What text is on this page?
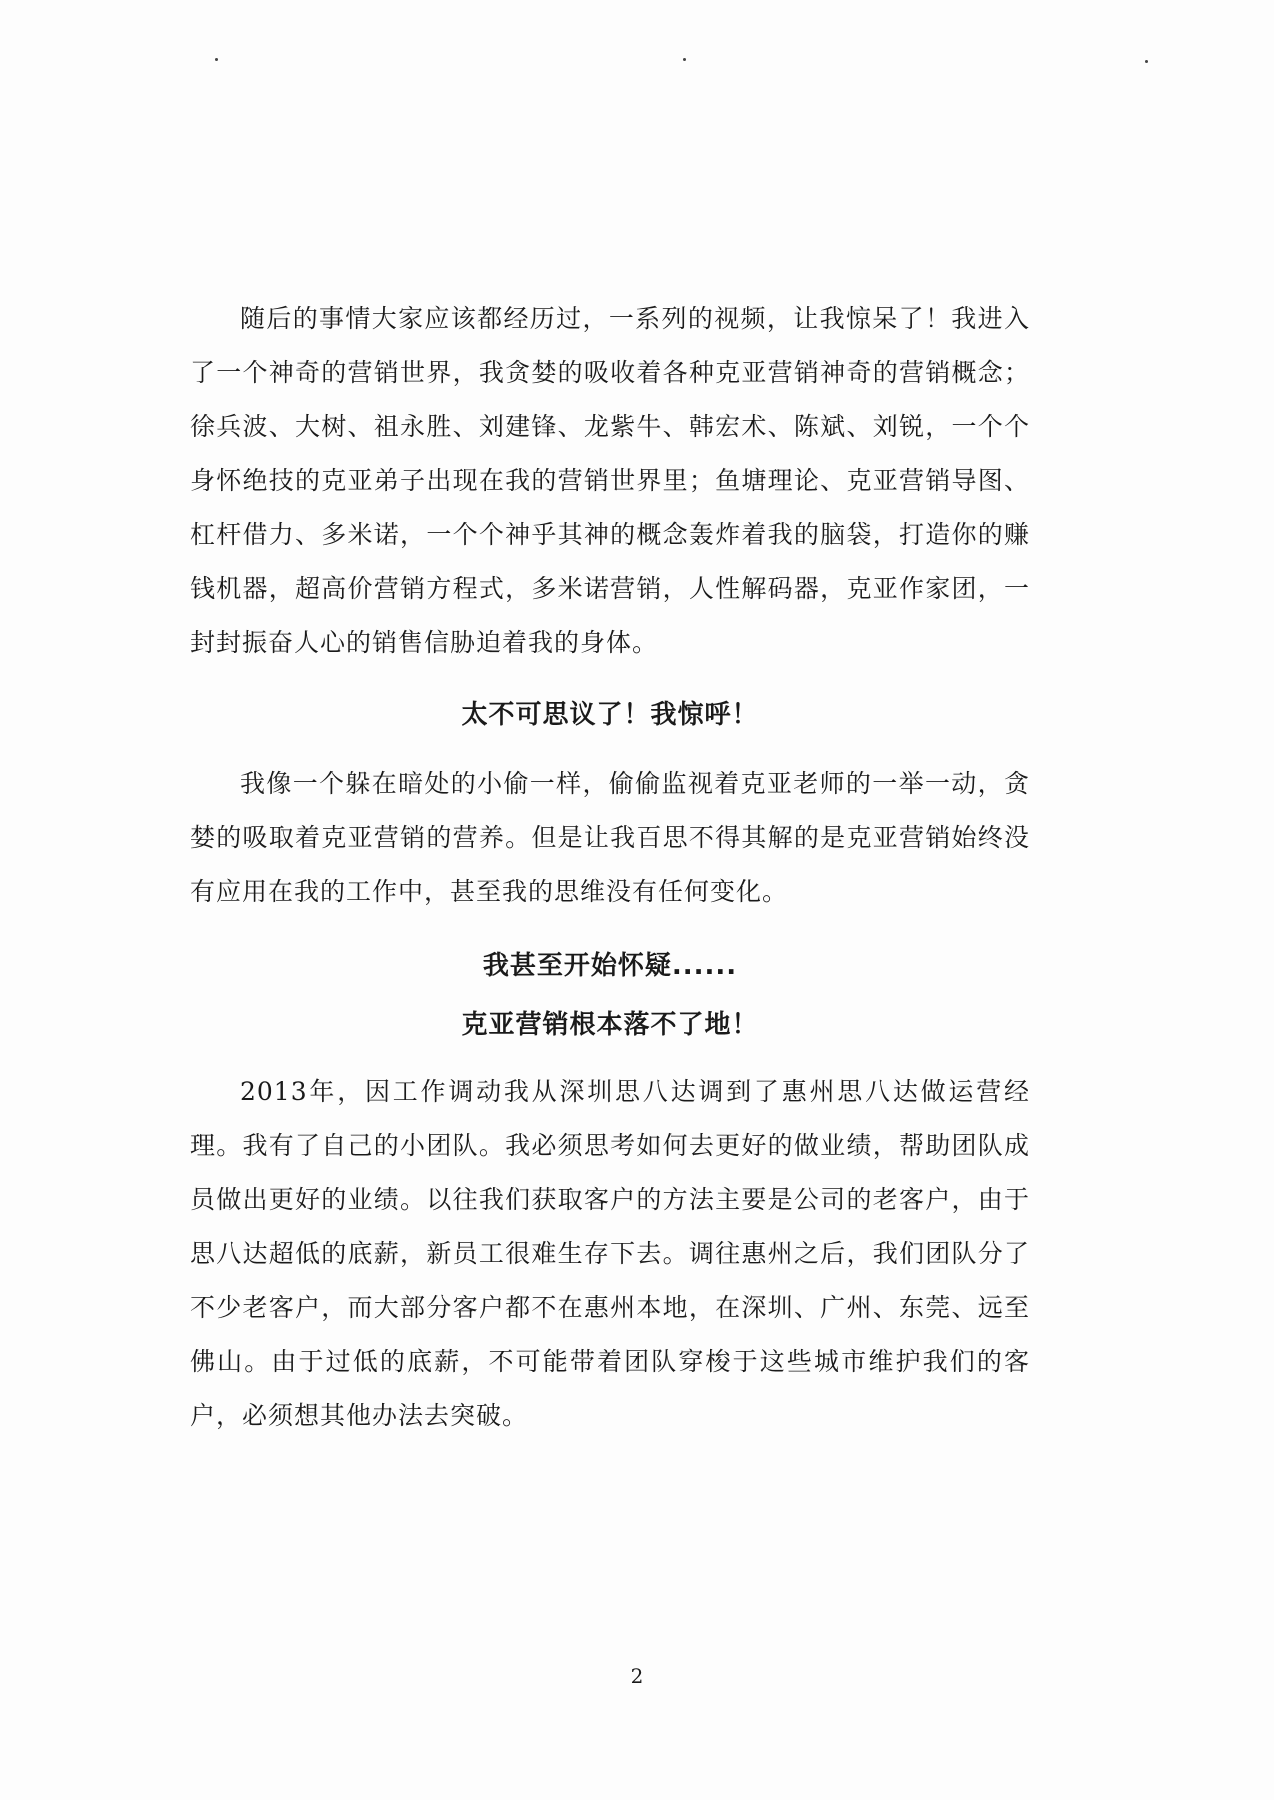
随后的事情大家应该都经历过，一系列的视频，让我惊呆了！我进入了一个神奇的营销世界，我贪婪的吸收着各种克亚营销神奇的营销概念；徐兵波、大树、祖永胜、刘建锋、龙紫牛、韩宏术、陈斌、刘锐，一个个身怀绝技的克亚弟子出现在我的营销世界里；鱼塘理论、克亚营销导图、杠杆借力、多米诺，一个个神乎其神的概念轰炸着我的脑袋，打造你的赚钱机器，超高价营销方程式，多米诺营销，人性解码器，克亚作家团，一封封振奋人心的销售信胁迫着我的身体。

太不可思议了！我惊呼！

我像一个躲在暗处的小偷一样，偷偷监视着克亚老师的一举一动，贪婪的吸取着克亚营销的营养。但是让我百思不得其解的是克亚营销始终没有应用在我的工作中，甚至我的思维没有任何变化。

我甚至开始怀疑......

克亚营销根本落不了地！

2013年，因工作调动我从深圳思八达调到了惠州思八达做运营经理。我有了自己的小团队。我必须思考如何去更好的做业绩，帮助团队成员做出更好的业绩。以往我们获取客户的方法主要是公司的老客户，由于思八达超低的底薪，新员工很难生存下去。调往惠州之后，我们团队分了不少老客户，而大部分客户都不在惠州本地，在深圳、广州、东莞、远至佛山。由于过低的底薪，不可能带着团队穿梭于这些城市维护我们的客户，必须想其他办法去突破。

2
